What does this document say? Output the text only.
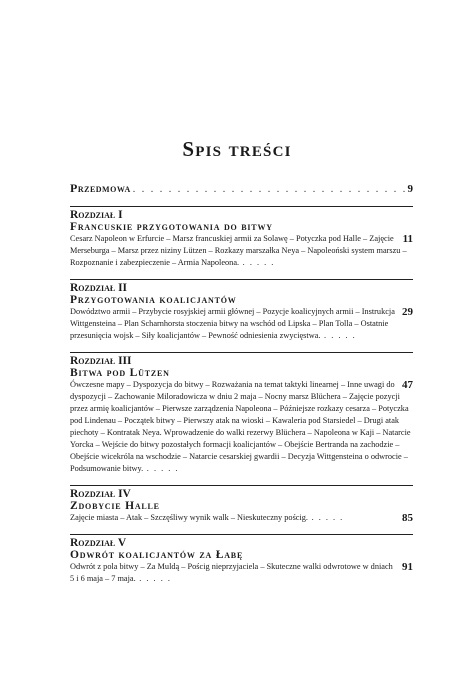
Spis treści
Przedmowa
. . .	9
Rozdział I
Francuskie przygotowania do bitwy
11
Cesarz Napoleon w Erfurcie – Marsz francuskiej armii za Solawę – Potyczka pod Halle – Zajęcie Merseburga – Marsz przez niziny Lützen – Rozkazy marszałka Neya – Napoleoński system marszu – Rozpoznanie i zabezpieczenie – Armia Napoleona. . . . . .
Rozdział II
Przygotowania koalicjantów
29
Dowództwo armii – Przybycie rosyjskiej armii głównej – Pozycje koalicyjnych armii – Instrukcja Wittgensteina – Plan Scharnhorsta stoczenia bitwy na wschód od Lipska – Plan Tolla – Ostatnie przesunięcia wojsk – Siły koalicjantów – Pewność odniesienia zwycięstwa. . . . . .
Rozdział III
Bitwa pod Lützen
47
Ówczesne mapy – Dyspozycja do bitwy – Rozważania na temat taktyki linearnej – Inne uwagi do dyspozycji – Zachowanie Miloradowicza w dniu 2 maja – Nocny marsz Blüchera – Zajęcie pozycji przez armię koalicjantów – Pierwsze zarządzenia Napoleona – Późniejsze rozkazy cesarza – Potyczka pod Lindenau – Początek bitwy – Pierwszy atak na wioski – Kawaleria pod Starsiedel – Drugi atak piechoty – Kontratak Neya. Wprowadzenie do walki rezerwy Blüchera – Napoleona w Kaji – Natarcie Yorcka – Wejście do bitwy pozostałych formacji koalicjantów – Obejście Bertranda na zachodzie – Obejście wicekróla na wschodzie – Natarcie cesarskiej gwardii – Decyzja Wittgensteina o odwrocie – Podsumowanie bitwy. . . . . .
Rozdział IV
Zdobycie Halle
85
Zajęcie miasta – Atak – Szczęśliwy wynik walk – Nieskuteczny pościg. . . . . .
Rozdział V
Odwrót koalicjantów za Łabę
91
Odwrót z pola bitwy – Za Muldą – Pościg nieprzyjaciela – Skuteczne walki odwrotowe w dniach 5 i 6 maja – 7 maja. . . . . .
